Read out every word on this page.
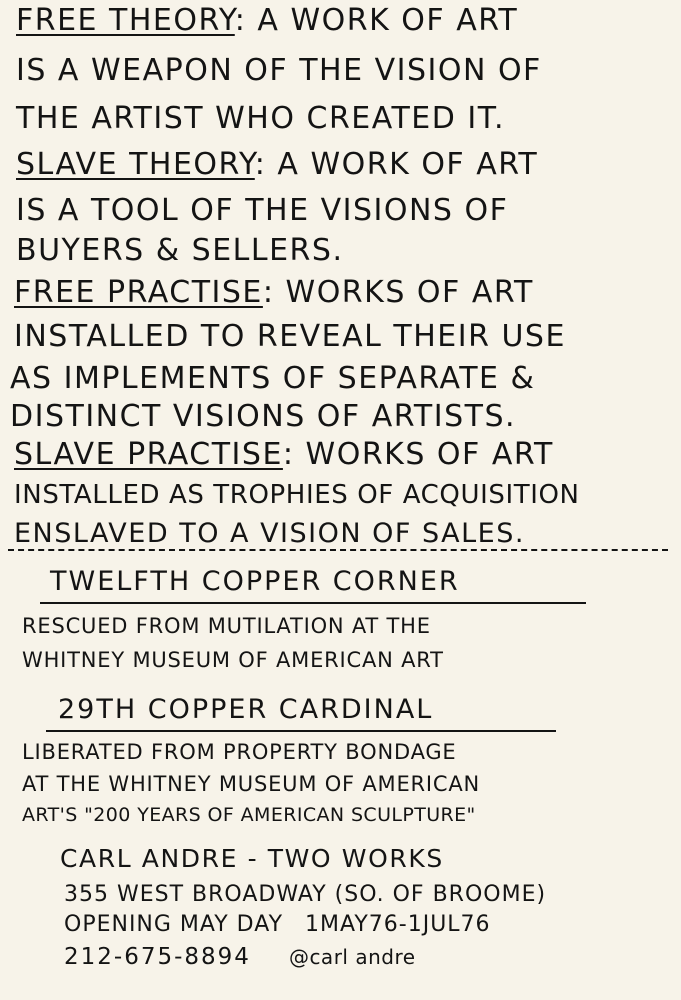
FREE THEORY: A WORK OF ART
IS A WEAPON OF THE VISION OF
THE ARTIST WHO CREATED IT.
SLAVE THEORY: A WORK OF ART
IS A TOOL OF THE VISIONS OF
BUYERS & SELLERS.
FREE PRACTISE: WORKS OF ART
INSTALLED TO REVEAL THEIR USE
AS IMPLEMENTS OF SEPARATE &
DISTINCT VISIONS OF ARTISTS.
SLAVE PRACTISE: WORKS OF ART
INSTALLED AS TROPHIES OF ACQUISITION
ENSLAVED TO A VISION OF SALES.
TWELFTH COPPER CORNER
RESCUED FROM MUTILATION AT THE
WHITNEY MUSEUM OF AMERICAN ART
29TH COPPER CARDINAL
LIBERATED FROM PROPERTY BONDAGE
AT THE WHITNEY MUSEUM OF AMERICAN
ART'S "200 YEARS OF AMERICAN SCULPTURE"
CARL ANDRE - TWO WORKS
355 WEST BROADWAY (SO. OF BROOME)
OPENING MAY DAY 1MAY76-1JUL76
212-675-8894 @carl andre
